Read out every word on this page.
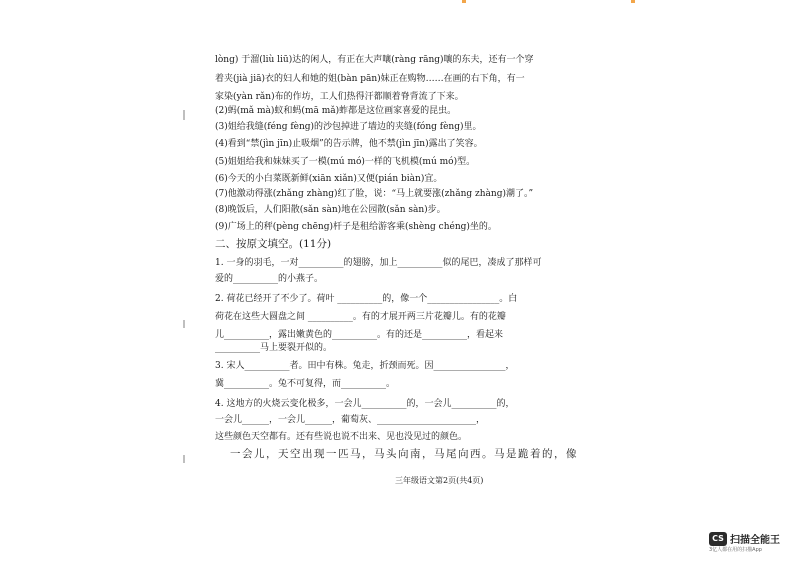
lòng) 于溜(liù liū)达的闲人，有正在大声嚷(ràng rāng)嚷的东夫，还有一个穿
着夹(jià jiā)衣的妇人和她的姐(bàn pān)妹正在购物……在画的右下角，有一
家染(yàn rǎn)布的作坊，工人们热得汗都顺着脊背流了下来。
(2)蚂(mǎ mà)蚁和蚂(mā mǎ)蚱都是这位画家喜爱的昆虫。
(3)姐给我缝(féng fèng)的沙包掉进了墙边的夹缝(fóng fèng)里。
(4)看到“禁(jìn jīn)止吸烟”的告示牌，他不禁(jìn jīn)露出了笑容。
(5)姐姐给我和妹妹买了一模(mú mó)一样的飞机模(mú mó)型。
(6)今天的小白菜既新鲜(xiān xiǎn)又便(pián biàn)宜。
(7)他激动得涨(zhǎng zhàng)红了脸，说：“马上就要涨(zhǎng zhàng)潮了。”
(8)晚饭后，人们阳散(sǎn sàn)地在公园散(sǎn sàn)步。
(9)广场上的秤(pèng chēng)杆子是租给游客乘(shèng chéng)坐的。
二、按原文填空。(11分)
1. 一身的羽毛，一对__________的翅膀，加上__________似的尾巴，凑成了那样可
爱的__________的小燕子。
2. 荷花已经开了不少了。荷叶 __________的，像一个________________。白
荷花在这些大圆盘之间 __________。有的才展开两三片花瓣儿。有的花瓣
儿__________，露出嫩黄色的__________。有的还是__________，看起来
__________马上要裂开似的。
3. 宋人__________者。田中有株。兔走，折颈而死。因________________，
冀__________。兔不可复得，而__________。
4. 这地方的火烧云变化极多，一会儿__________的，一会儿__________的，
一会儿______，一会儿______，葡萄灰、______________________，
这些颜色天空都有。还有些说也说不出来、见也没见过的颜色。
一会儿，天空出现一匹马，马头向南，马尾向西。马是跪着的，像
三年级语文第2页(共4页)
CS 扫描全能王
3亿人都在用的扫描App
